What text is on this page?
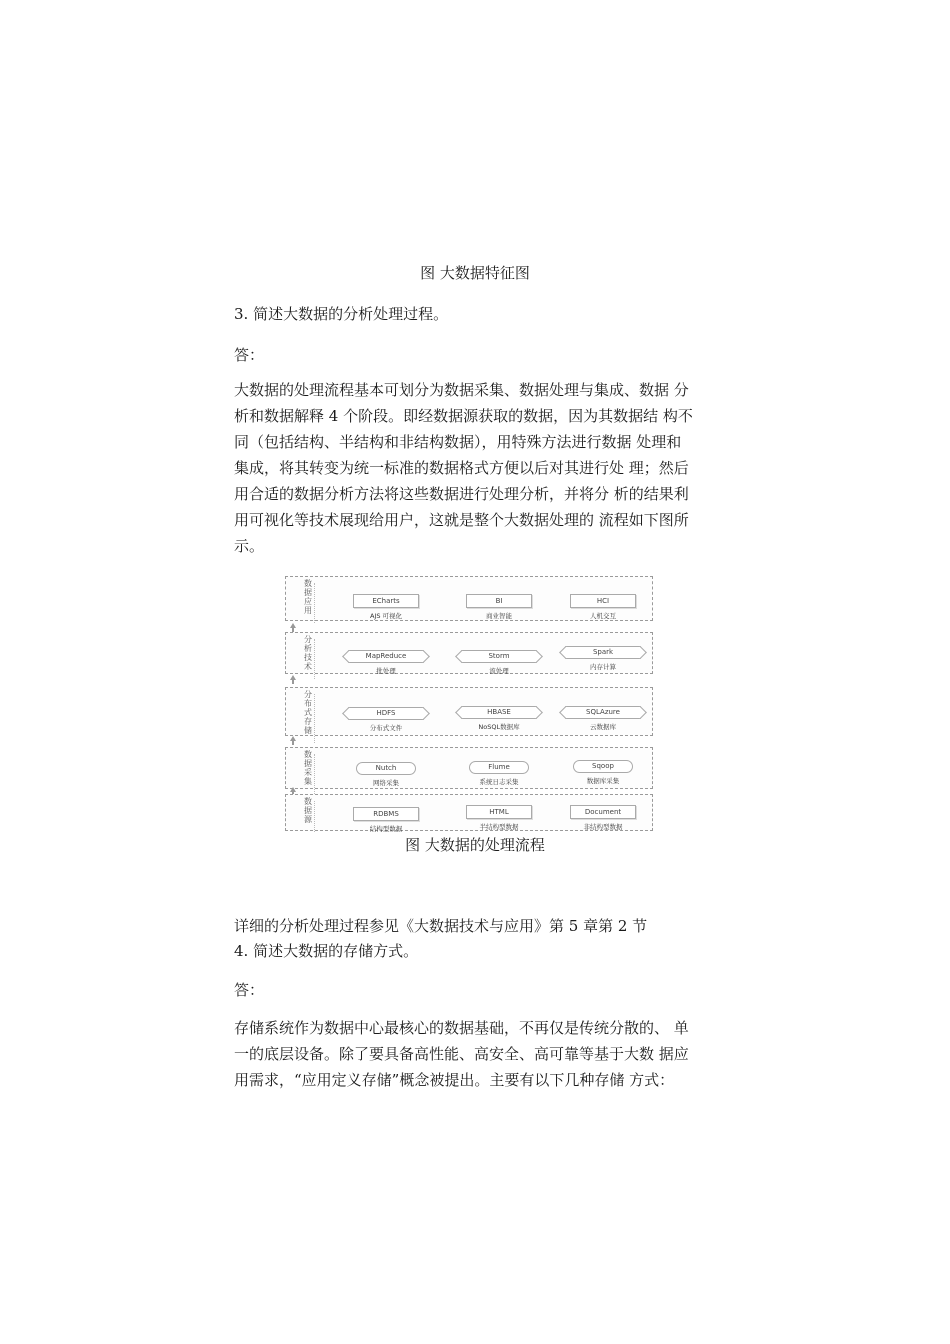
图 大数据特征图
3. 简述大数据的分析处理过程。
答：
大数据的处理流程基本可划分为数据采集、数据处理与集成、数据 分
析和数据解释 4 个阶段。即经数据源获取的数据，因为其数据结 构不
同（包括结构、半结构和非结构数据），用特殊方法进行数据 处理和
集成，将其转变为统一标准的数据格式方便以后对其进行处 理；然后
用合适的数据分析方法将这些数据进行处理分析，并将分 析的结果利
用可视化等技术展现给用户，这就是整个大数据处理的 流程如下图所
示。
数据应用
ECharts
AJS 可视化
BI
商业智能
HCI
人机交互
分析技术
MapReduce
批处理
Storm
流处理
Spark
内存计算
分布式存储
HDFS
分布式文件
HBASE
NoSQL数据库
SQLAzure
云数据库
数据采集
Nutch
网络采集
Flume
系统日志采集
Sqoop
数据库采集
数据源
RDBMS
结构型数据
HTML
半结构型数据
Document
非结构型数据
图 大数据的处理流程
详细的分析处理过程参见《大数据技术与应用》第 5 章第 2 节
4. 简述大数据的存储方式。
答：
存储系统作为数据中心最核心的数据基础，不再仅是传统分散的、 单
一的底层设备。除了要具备高性能、高安全、高可靠等基于大数 据应
用需求，“应用定义存储”概念被提出。主要有以下几种存储 方式：
